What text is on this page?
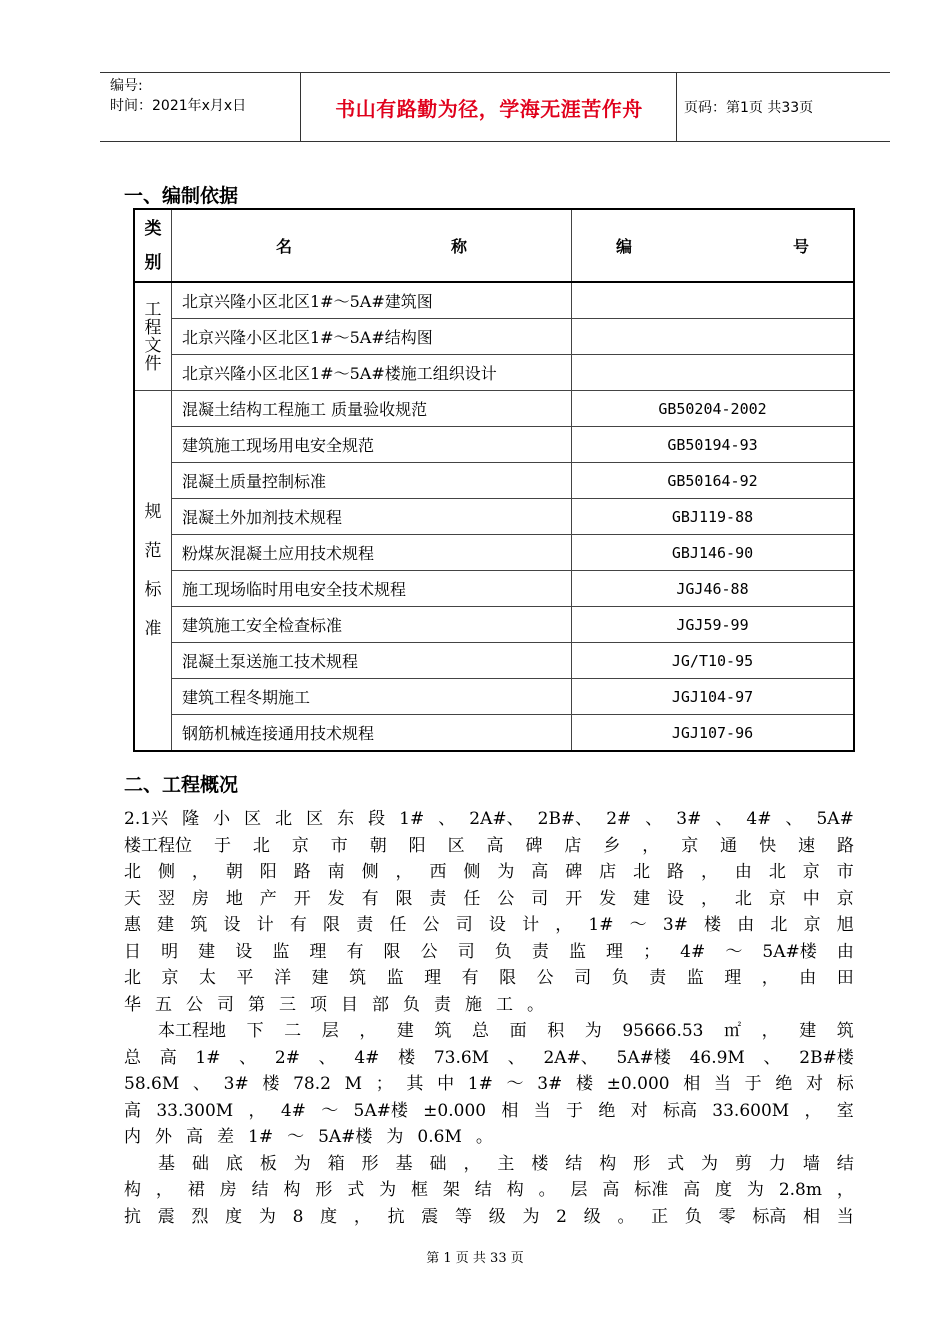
编号:
时间：2021年x月x日	书山有路勤为径，学海无涯苦作舟	页码：第1页 共33页
一、编制依据
类
别	名 称	编 号

工
程
文
件	北京兴隆小区北区1#～5A#建筑图	
	北京兴隆小区北区1#～5A#结构图	
	北京兴隆小区北区1#～5A#楼施工组织设计	

规
范
标
准	混凝土结构工程施工 质量验收规范	GB50204-2002
	建筑施工现场用电安全规范	GB50194-93
	混凝土质量控制标准	GB50164-92
	混凝土外加剂技术规程	GBJ119-88
	粉煤灰混凝土应用技术规程	GBJ146-90
	施工现场临时用电安全技术规程	JGJ46-88
	建筑施工安全检查标准	JGJ59-99
	混凝土泵送施工技术规程	JG/T10-95
	建筑工程冬期施工	JGJ104-97
	钢筋机械连接通用技术规程	JGJ107-96
二、工程概况
2.1兴 隆 小 区 北 区 东 段 1# 、 2A#、 2B#、 2# 、 3# 、 4# 、 5A#
楼工程位 于 北 京 市 朝 阳 区 高 碑 店 乡 ， 京 通 快 速 路
北 侧 ， 朝 阳 路 南 侧 ， 西 侧 为 高 碑 店 北 路 ， 由 北 京 市
天 翌 房 地 产 开 发 有 限 责 任 公 司 开 发 建 设 ， 北 京 中 京
惠 建 筑 设 计 有 限 责 任 公 司 设 计 ， 1# ～ 3# 楼 由 北 京 旭
日 明 建 设 监 理 有 限 公 司 负 责 监 理 ； 4# ～ 5A#楼 由
北 京 太 平 洋 建 筑 监 理 有 限 公 司 负 责 监 理 ， 由 田
华 五 公 司 第 三 项 目 部 负 责 施 工 。
本工程地 下 二 层 ， 建 筑 总 面 积 为 95666.53 ㎡ ， 建 筑
总 高 1# 、 2# 、 4# 楼 73.6M 、 2A#、 5A#楼 46.9M 、 2B#楼
58.6M 、 3# 楼 78.2 M ； 其 中 1# ～ 3# 楼 ±0.000 相 当 于 绝 对 标
高 33.300M ， 4# ～ 5A#楼 ±0.000 相 当 于 绝 对 标高 33.600M ， 室
内 外 高 差 1# ～ 5A#楼 为 0.6M 。
基 础 底 板 为 箱 形 基 础 ， 主 楼 结 构 形 式 为 剪 力 墙 结
构 ， 裙 房 结 构 形 式 为 框 架 结 构 。 层 高 标准 高 度 为 2.8m ，
抗 震 烈 度 为 8 度 ， 抗 震 等 级 为 2 级 。 正 负 零 标高 相 当
第 1 页 共 33 页
